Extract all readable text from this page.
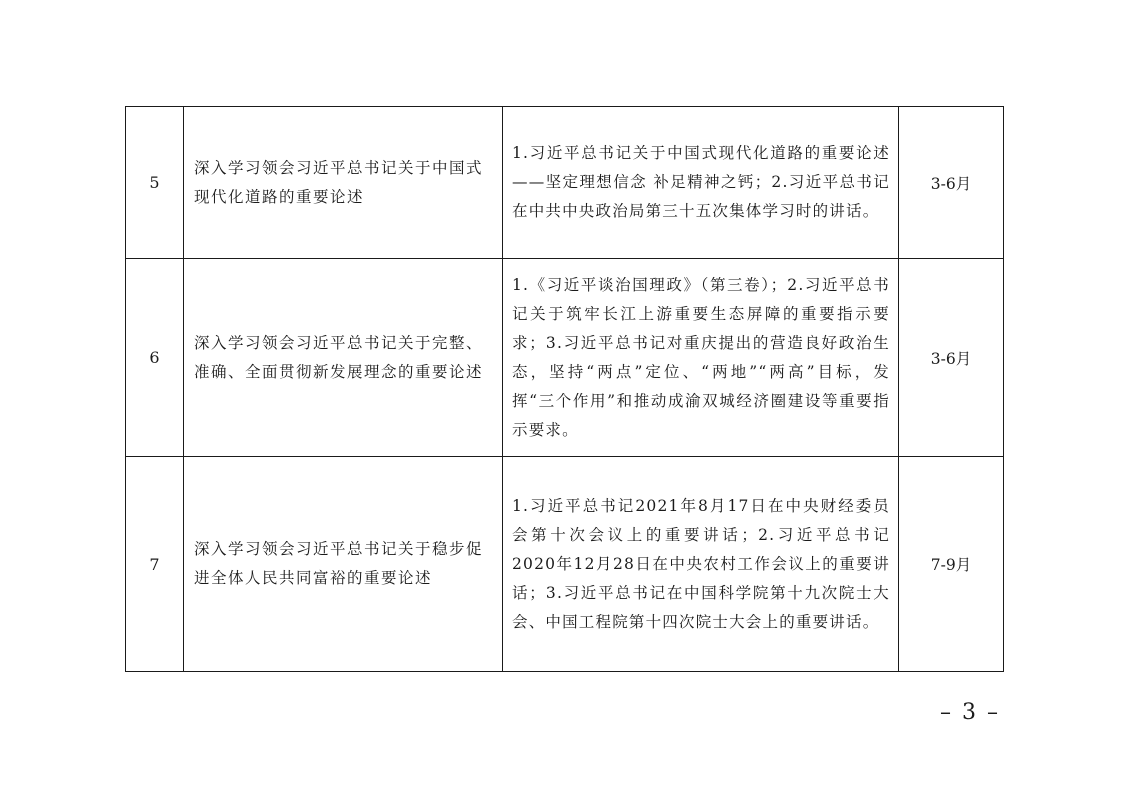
5	深入学习领会习近平总书记关于中国式现代化道路的重要论述	1.习近平总书记关于中国式现代化道路的重要论述——坚定理想信念 补足精神之钙；2.习近平总书记在中共中央政治局第三十五次集体学习时的讲话。	3-6月
6	深入学习领会习近平总书记关于完整、准确、全面贯彻新发展理念的重要论述	1.《习近平谈治国理政》（第三卷）；2.习近平总书记关于筑牢长江上游重要生态屏障的重要指示要求；3.习近平总书记对重庆提出的营造良好政治生态，坚持“两点”定位、“两地”“两高”目标，发挥“三个作用”和推动成渝双城经济圈建设等重要指示要求。	3-6月
7	深入学习领会习近平总书记关于稳步促进全体人民共同富裕的重要论述	1.习近平总书记2021年8月17日在中央财经委员会第十次会议上的重要讲话；2.习近平总书记2020年12月28日在中央农村工作会议上的重要讲话；3.习近平总书记在中国科学院第十九次院士大会、中国工程院第十四次院士大会上的重要讲话。	7-9月
– 3 –
